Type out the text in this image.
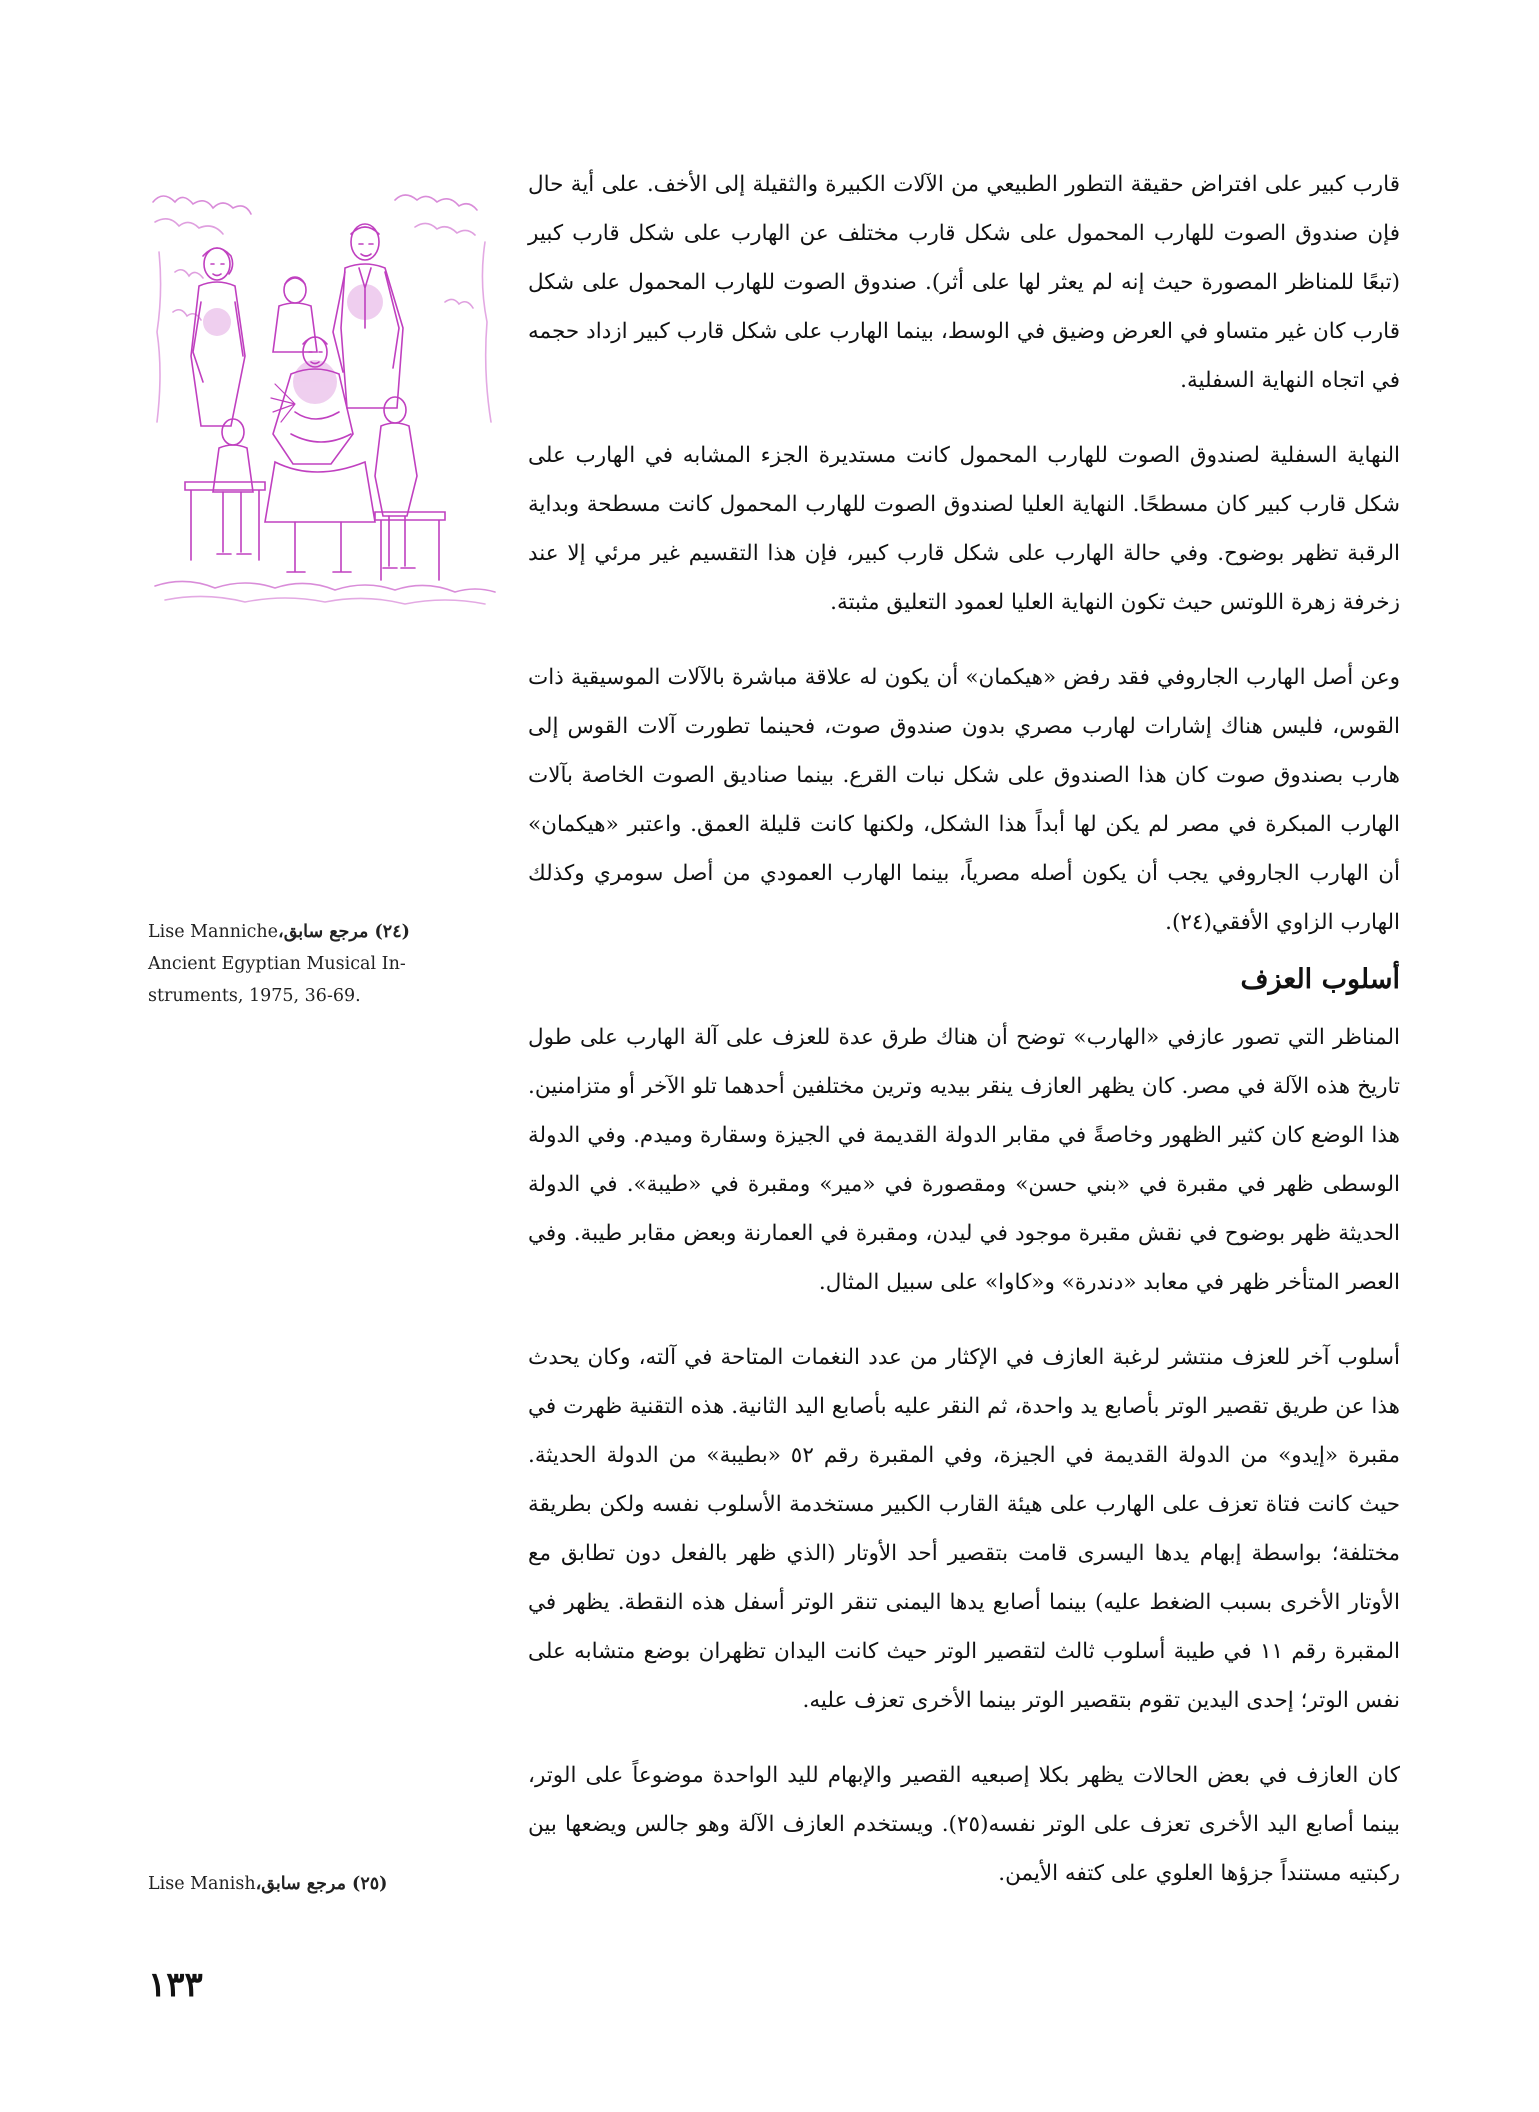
قارب كبير على افتراض حقيقة التطور الطبيعي من الآلات الكبيرة والثقيلة إلى الأخف. على أية حال فإن صندوق الصوت للهارب المحمول على شكل قارب مختلف عن الهارب على شكل قارب كبير (تبعًا للمناظر المصورة حيث إنه لم يعثر لها على أثر). صندوق الصوت للهارب المحمول على شكل قارب كان غير متساو في العرض وضيق في الوسط، بينما الهارب على شكل قارب كبير ازداد حجمه في اتجاه النهاية السفلية.

النهاية السفلية لصندوق الصوت للهارب المحمول كانت مستديرة الجزء المشابه في الهارب على شكل قارب كبير كان مسطحًا. النهاية العليا لصندوق الصوت للهارب المحمول كانت مسطحة وبداية الرقبة تظهر بوضوح. وفي حالة الهارب على شكل قارب كبير، فإن هذا التقسيم غير مرئي إلا عند زخرفة زهرة اللوتس حيث تكون النهاية العليا لعمود التعليق مثبتة.

وعن أصل الهارب الجاروفي فقد رفض «هيكمان» أن يكون له علاقة مباشرة بالآلات الموسيقية ذات القوس، فليس هناك إشارات لهارب مصري بدون صندوق صوت، فحينما تطورت آلات القوس إلى هارب بصندوق صوت كان هذا الصندوق على شكل نبات القرع. بينما صناديق الصوت الخاصة بآلات الهارب المبكرة في مصر لم يكن لها أبداً هذا الشكل، ولكنها كانت قليلة العمق. واعتبر «هيكمان» أن الهارب الجاروفي يجب أن يكون أصله مصرياً، بينما الهارب العمودي من أصل سومري وكذلك الهارب الزاوي الأفقي(٢٤).

أسلوب العزف

المناظر التي تصور عازفي «الهارب» توضح أن هناك طرق عدة للعزف على آلة الهارب على طول تاريخ هذه الآلة في مصر. كان يظهر العازف ينقر بيديه وترين مختلفين أحدهما تلو الآخر أو متزامنين. هذا الوضع كان كثير الظهور وخاصةً في مقابر الدولة القديمة في الجيزة وسقارة وميدم. وفي الدولة الوسطى ظهر في مقبرة في «بني حسن» ومقصورة في «مير» ومقبرة في «طيبة». في الدولة الحديثة ظهر بوضوح في نقش مقبرة موجود في ليدن، ومقبرة في العمارنة وبعض مقابر طيبة. وفي العصر المتأخر ظهر في معابد «دندرة» و«كاوا» على سبيل المثال.

أسلوب آخر للعزف منتشر لرغبة العازف في الإكثار من عدد النغمات المتاحة في آلته، وكان يحدث هذا عن طريق تقصير الوتر بأصابع يد واحدة، ثم النقر عليه بأصابع اليد الثانية. هذه التقنية ظهرت في مقبرة «إيدو» من الدولة القديمة في الجيزة، وفي المقبرة رقم ٥٢ «بطيبة» من الدولة الحديثة. حيث كانت فتاة تعزف على الهارب على هيئة القارب الكبير مستخدمة الأسلوب نفسه ولكن بطريقة مختلفة؛ بواسطة إبهام يدها اليسرى قامت بتقصير أحد الأوتار (الذي ظهر بالفعل دون تطابق مع الأوتار الأخرى بسبب الضغط عليه) بينما أصابع يدها اليمنى تنقر الوتر أسفل هذه النقطة. يظهر في المقبرة رقم ١١ في طيبة أسلوب ثالث لتقصير الوتر حيث كانت اليدان تظهران بوضع متشابه على نفس الوتر؛ إحدى اليدين تقوم بتقصير الوتر بينما الأخرى تعزف عليه.

كان العازف في بعض الحالات يظهر بكلا إصبعيه القصير والإبهام لليد الواحدة موضوعاً على الوتر، بينما أصابع اليد الأخرى تعزف على الوتر نفسه(٢٥). ويستخدم العازف الآلة وهو جالس ويضعها بين ركبتيه مستنداً جزؤها العلوي على كتفه الأيمن.

Lise Manniche(٢٤) مرجع سابق،
Ancient Egyptian Musical In-
struments, 1975, 36-69.
Lise Manish(٢٥) مرجع سابق،
١٣٣
